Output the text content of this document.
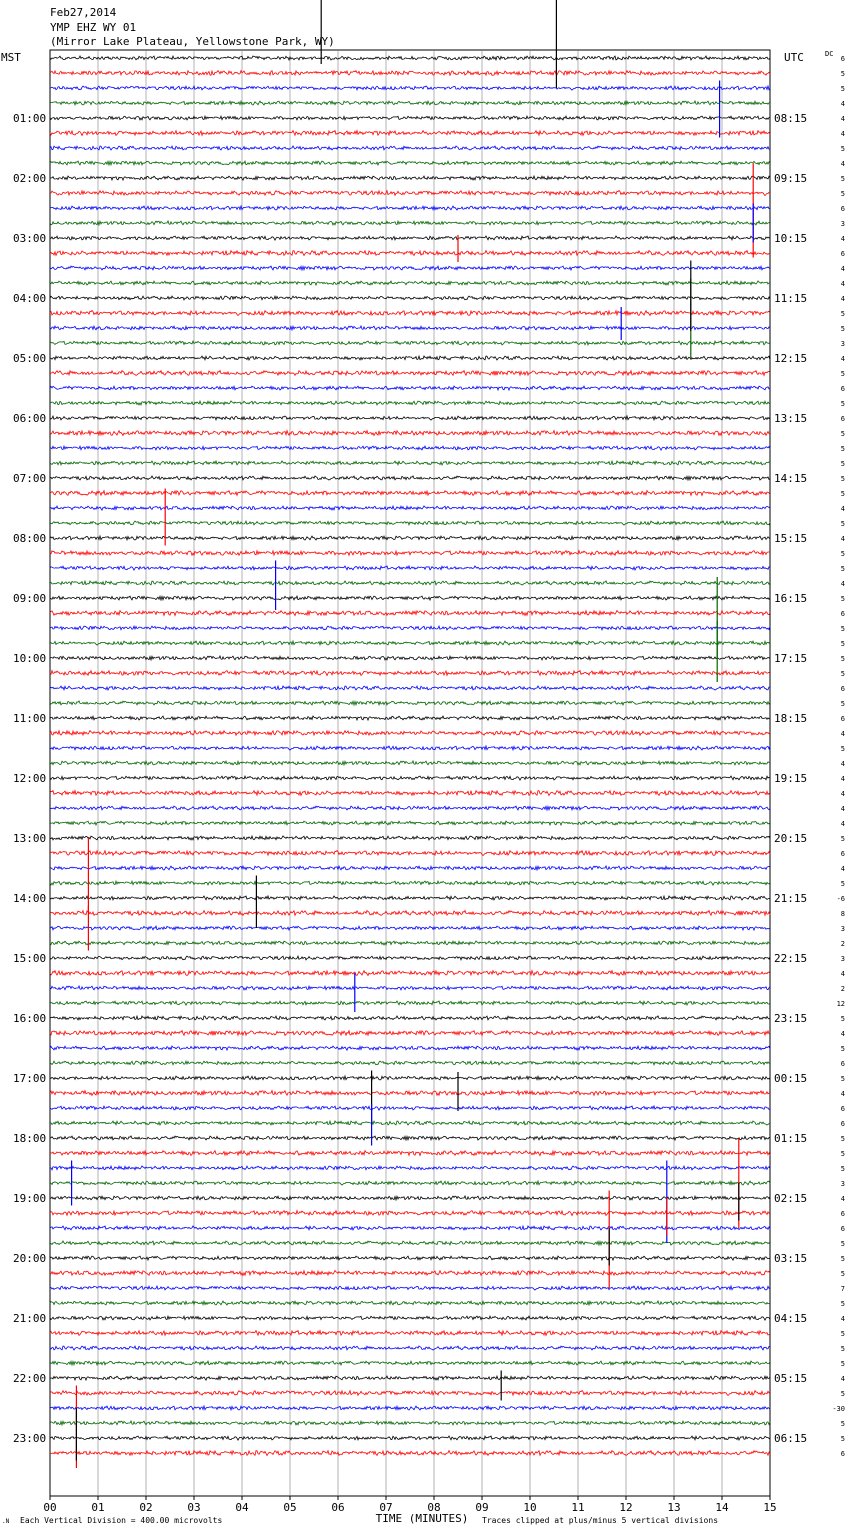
Feb27,2014
YMP EHZ WY 01
(Mirror Lake Plateau, Yellowstone Park, WY)
MST	UTC	DC
01:00
02:00
03:00
04:00
05:00
06:00
07:00
08:00
09:00
10:00
11:00
12:00
13:00
14:00
15:00
16:00
17:00
18:00
19:00
20:00
21:00
22:00
23:00
08:15
09:15
10:15
11:15
12:15
13:15
14:15
15:15
16:15
17:15
18:15
19:15
20:15
21:15
22:15
23:15
00:15
01:15
02:15
03:15
04:15
05:15
06:15
6
5
5
4
4
4
5
4
5
5
6
3
4
6
4
4
4
5
5
3
4
5
6
5
6
5
5
5
5
5
4
5
4
5
5
4
5
6
5
5
5
5
6
5
6
4
5
4
4
4
4
4
5
6
4
5
-6
8
3
2
3
4
2
12
5
4
5
6
5
4
6
6
5
5
5
3
4
6
6
5
5
5
7
5
4
5
5
5
4
5
-30
5
5
6
00	01	02	03	04	05	06	07	08	09	10	11	12	13	14	15
TIME (MINUTES)
.N Each Vertical Division = 400.00 microvolts	Traces clipped at plus/minus 5 vertical divisions
